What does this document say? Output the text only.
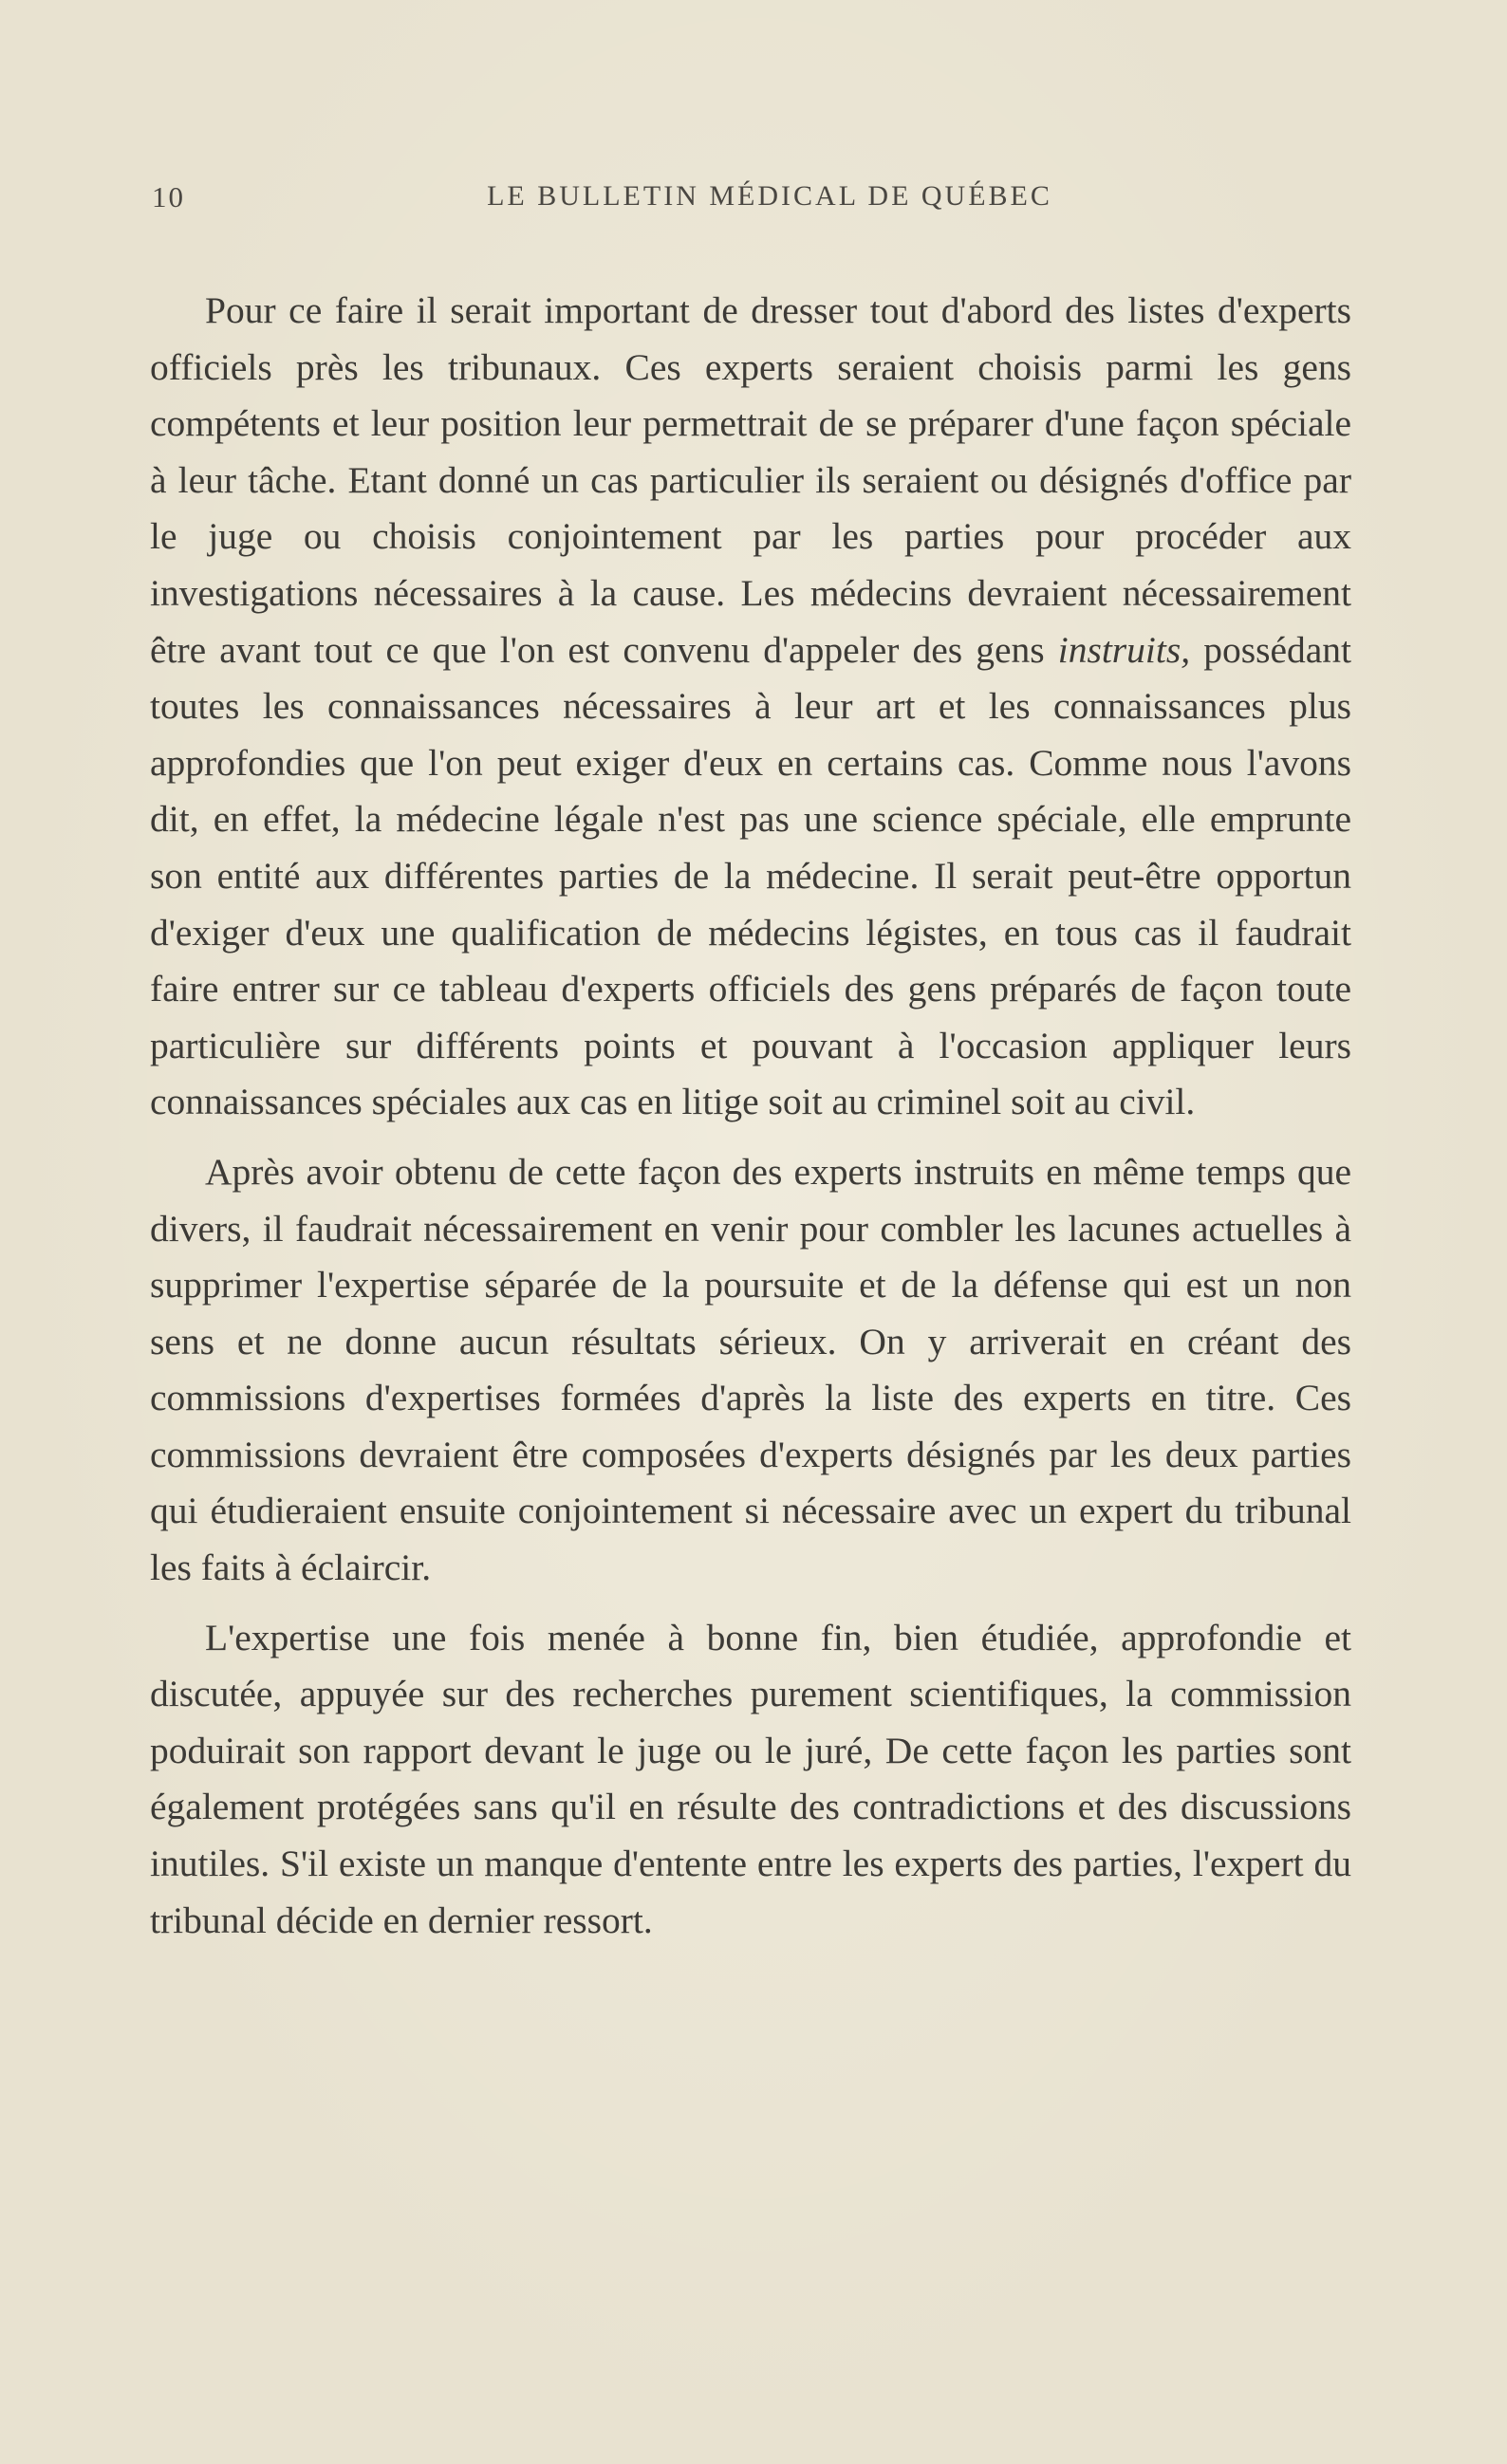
10	LE BULLETIN MÉDICAL DE QUÉBEC

Pour ce faire il serait important de dresser tout d'abord des listes d'experts officiels près les tribunaux. Ces experts seraient choisis parmi les gens compétents et leur position leur permettrait de se préparer d'une façon spéciale à leur tâche. Etant donné un cas particulier ils seraient ou désignés d'office par le juge ou choisis conjointement par les parties pour procéder aux investigations nécessaires à la cause. Les médecins devraient nécessairement être avant tout ce que l'on est convenu d'appeler des gens instruits, possédant toutes les connaissances nécessaires à leur art et les connaissances plus approfondies que l'on peut exiger d'eux en certains cas. Comme nous l'avons dit, en effet, la médecine légale n'est pas une science spéciale, elle emprunte son entité aux différentes parties de la médecine. Il serait peut-être opportun d'exiger d'eux une qualification de médecins légistes, en tous cas il faudrait faire entrer sur ce tableau d'experts officiels des gens préparés de façon toute particulière sur différents points et pouvant à l'occasion appliquer leurs connaissances spéciales aux cas en litige soit au criminel soit au civil.

Après avoir obtenu de cette façon des experts instruits en même temps que divers, il faudrait nécessairement en venir pour combler les lacunes actuelles à supprimer l'expertise séparée de la poursuite et de la défense qui est un non sens et ne donne aucun résultats sérieux. On y arriverait en créant des commissions d'expertises formées d'après la liste des experts en titre. Ces commissions devraient être composées d'experts désignés par les deux parties qui étudieraient ensuite conjointement si nécessaire avec un expert du tribunal les faits à éclaircir.

L'expertise une fois menée à bonne fin, bien étudiée, approfondie et discutée, appuyée sur des recherches purement scientifiques, la commission poduirait son rapport devant le juge ou le juré, De cette façon les parties sont également protégées sans qu'il en résulte des contradictions et des discussions inutiles. S'il existe un manque d'entente entre les experts des parties, l'expert du tribunal décide en dernier ressort.
